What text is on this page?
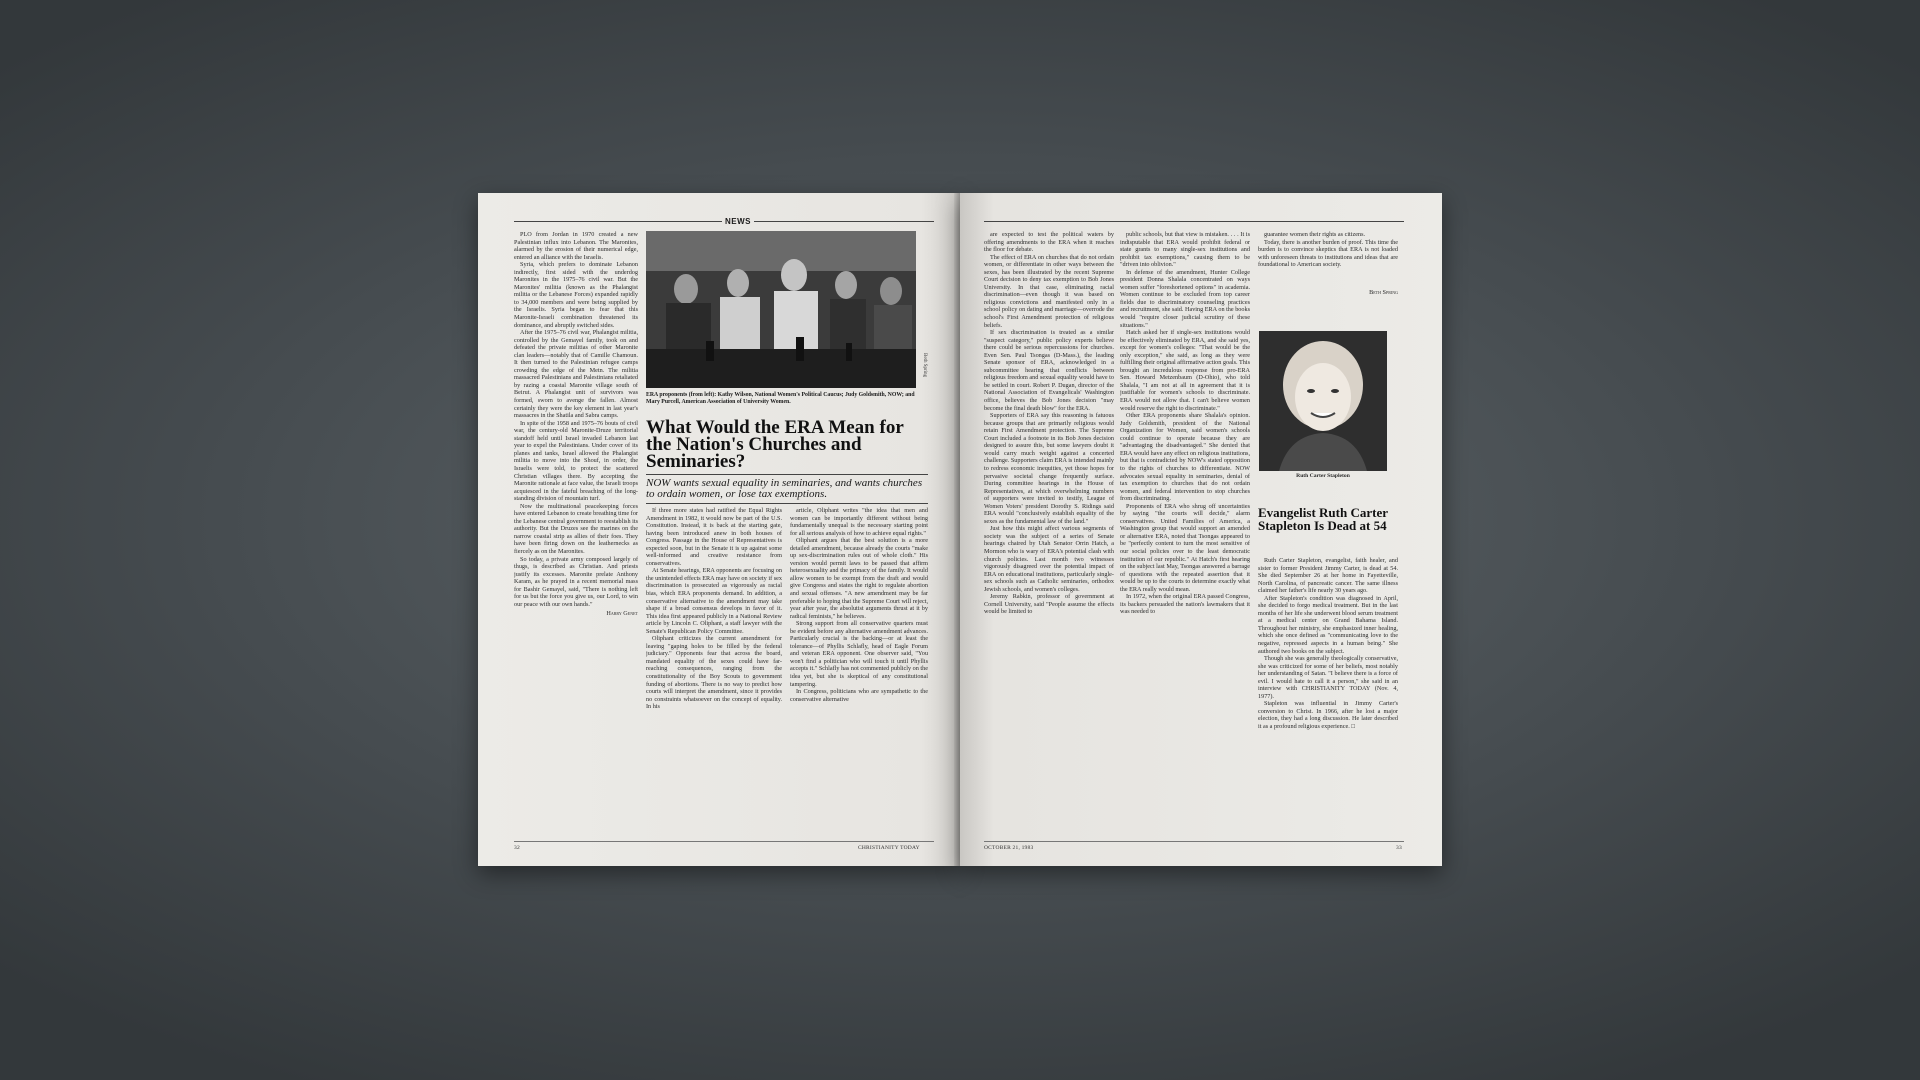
NEWS

PLO from Jordan in 1970 created a new Palestinian influx into Lebanon. The Maronites, alarmed by the erosion of their numerical edge, entered an alliance with the Israelis.

Syria, which prefers to dominate Lebanon indirectly, first sided with the underdog Maronites in the 1975–76 civil war. But the Maronites' militia (known as the Phalangist militia or the Lebanese Forces) expanded rapidly to 34,000 members and were being supplied by the Israelis. Syria began to fear that this Maronite-Israeli combination threatened its dominance, and abruptly switched sides.

After the 1975–76 civil war, Phalangist militia, controlled by the Gemayel family, took on and defeated the private militias of other Maronite clan leaders—notably that of Camille Chamoun. It then turned to the Palestinian refugee camps crowding the edge of the Metn. The militia massacred Palestinians and Palestinians retaliated by razing a coastal Maronite village south of Beirut. A Phalangist unit of survivors was formed, sworn to avenge the fallen. Almost certainly they were the key element in last year's massacres in the Shatila and Sabra camps.

In spite of the 1958 and 1975–76 bouts of civil war, the century-old Maronite-Druze territorial standoff held until Israel invaded Lebanon last year to expel the Palestinians. Under cover of its planes and tanks, Israel allowed the Phalangist militia to move into the Shouf, in order, the Israelis were told, to protect the scattered Christian villages there. By accepting the Maronite rationale at face value, the Israeli troops acquiesced in the fateful breaching of the long-standing division of mountain turf.

Now the multinational peacekeeping forces have entered Lebanon to create breathing time for the Lebanese central government to reestablish its authority. But the Druzes see the marines on the narrow coastal strip as allies of their foes. They have been firing down on the leathernecks as fiercely as on the Maronites.

So today, a private army composed largely of thugs, is described as Christian. And priests justify its excesses. Maronite prelate Anthony Karam, as he prayed in a recent memorial mass for Bashir Gemayel, said, "There is nothing left for us but the force you give us, our Lord, to win our peace with our own hands."

Harry Genet
Beth Spring
ERA proponents (from left): Kathy Wilson, National Women's Political Caucus; Judy Goldsmith, NOW; and Mary Purcell, American Association of University Women.
What Would the ERA Mean for the Nation's Churches and Seminaries?
NOW wants sexual equality in seminaries, and wants churches to ordain women, or lose tax exemptions.

If three more states had ratified the Equal Rights Amendment in 1982, it would now be part of the U.S. Constitution. Instead, it is back at the starting gate, having been introduced anew in both houses of Congress. Passage in the House of Representatives is expected soon, but in the Senate it is up against some well-informed and creative resistance from conservatives.

At Senate hearings, ERA opponents are focusing on the unintended effects ERA may have on society if sex discrimination is prosecuted as vigorously as racial bias, which ERA proponents demand. In addition, a conservative alternative to the amendment may take shape if a broad consensus develops in favor of it. This idea first appeared publicly in a National Review article by Lincoln C. Oliphant, a staff lawyer with the Senate's Republican Policy Committee.

Oliphant criticizes the current amendment for leaving "gaping holes to be filled by the federal judiciary." Opponents fear that across the board, mandated equality of the sexes could have far-reaching consequences, ranging from the constitutionality of the Boy Scouts to government funding of abortions. There is no way to predict how courts will interpret the amendment, since it provides no constraints whatsoever on the concept of equality. In his

article, Oliphant writes "the idea that men and women can be importantly different without being fundamentally unequal is the necessary starting point for all serious analysis of how to achieve equal rights."

Oliphant argues that the best solution is a more detailed amendment, because already the courts "make up sex-discrimination rules out of whole cloth." His version would permit laws to be passed that affirm heterosexuality and the primacy of the family. It would allow women to be exempt from the draft and would give Congress and states the right to regulate abortion and sexual offenses. "A new amendment may be far preferable to hoping that the Supreme Court will reject, year after year, the absolutist arguments thrust at it by radical feminists," he believes.

Strong support from all conservative quarters must be evident before any alternative amendment advances. Particularly crucial is the backing—or at least the tolerance—of Phyllis Schlafly, head of Eagle Forum and veteran ERA opponent. One observer said, "You won't find a politician who will touch it until Phyllis accepts it." Schlafly has not commented publicly on the idea yet, but she is skeptical of any constitutional tampering.

In Congress, politicians who are sympathetic to the conservative alternative

32	CHRISTIANITY TODAY

are expected to test the political waters by offering amendments to the ERA when it reaches the floor for debate.

The effect of ERA on churches that do not ordain women, or differentiate in other ways between the sexes, has been illustrated by the recent Supreme Court decision to deny tax exemption to Bob Jones University. In that case, eliminating racial discrimination—even though it was based on religious convictions and manifested only in a school policy on dating and marriage—overrode the school's First Amendment protection of religious beliefs.

If sex discrimination is treated as a similar "suspect category," public policy experts believe there could be serious repercussions for churches. Even Sen. Paul Tsongas (D-Mass.), the leading Senate sponsor of ERA, acknowledged in a subcommittee hearing that conflicts between religious freedom and sexual equality would have to be settled in court. Robert P. Dugan, director of the National Association of Evangelicals' Washington office, believes the Bob Jones decision "may become the final death blow" for the ERA.

Supporters of ERA say this reasoning is fatuous because groups that are primarily religious would retain First Amendment protection. The Supreme Court included a footnote in its Bob Jones decision designed to assure this, but some lawyers doubt it would carry much weight against a concerted challenge. Supporters claim ERA is intended mainly to redress economic inequities, yet those hopes for pervasive societal change frequently surface. During committee hearings in the House of Representatives, at which overwhelming numbers of supporters were invited to testify, League of Women Voters' president Dorothy S. Ridings said ERA would "conclusively establish equality of the sexes as the fundamental law of the land."

Just how this might affect various segments of society was the subject of a series of Senate hearings chaired by Utah Senator Orrin Hatch, a Mormon who is wary of ERA's potential clash with church policies. Last month two witnesses vigorously disagreed over the potential impact of ERA on educational institutions, particularly single-sex schools such as Catholic seminaries, orthodox Jewish schools, and women's colleges.

Jeremy Rabkin, professor of government at Cornell University, said "People assume the effects would be limited to

public schools, but that view is mistaken. . . . It is indisputable that ERA would prohibit federal or state grants to many single-sex institutions and prohibit tax exemptions," causing them to be "driven into oblivion."

In defense of the amendment, Hunter College president Donna Shalala concentrated on ways women suffer "foreshortened options" in academia. Women continue to be excluded from top career fields due to discriminatory counseling practices and recruitment, she said. Having ERA on the books would "require closer judicial scrutiny of these situations."

Hatch asked her if single-sex institutions would be effectively eliminated by ERA, and she said yes, except for women's colleges: "That would be the only exception," she said, as long as they were fulfilling their original affirmative action goals. This brought an incredulous response from pro-ERA Sen. Howard Metzenbaum (D-Ohio), who told Shalala, "I am not at all in agreement that it is justifiable for women's schools to discriminate. ERA would not allow that. I can't believe women would reserve the right to discriminate."

Other ERA proponents share Shalala's opinion. Judy Goldsmith, president of the National Organization for Women, said women's schools could continue to operate because they are "advantaging the disadvantaged." She denied that ERA would have any effect on religious institutions, but that is contradicted by NOW's stated opposition to the rights of churches to differentiate. NOW advocates sexual equality in seminaries, denial of tax exemption to churches that do not ordain women, and federal intervention to stop churches from discriminating.

Proponents of ERA who shrug off uncertainties by saying "the courts will decide," alarm conservatives. United Families of America, a Washington group that would support an amended or alternative ERA, noted that Tsongas appeared to be "perfectly content to turn the most sensitive of our social policies over to the least democratic institution of our republic." At Hatch's first hearing on the subject last May, Tsongas answered a barrage of questions with the repeated assertion that it would be up to the courts to determine exactly what the ERA really would mean.

In 1972, when the original ERA passed Congress, its backers persuaded the nation's lawmakers that it was needed to

guarantee women their rights as citizens.

Today, there is another burden of proof. This time the burden is to convince skeptics that ERA is not loaded with unforeseen threats to institutions and ideas that are foundational to American society.

Beth Spring
Ruth Carter Stapleton
Evangelist Ruth Carter Stapleton Is Dead at 54

Ruth Carter Stapleton, evangelist, faith healer, and sister to former President Jimmy Carter, is dead at 54. She died September 26 at her home in Fayetteville, North Carolina, of pancreatic cancer. The same illness claimed her father's life nearly 30 years ago.

After Stapleton's condition was diagnosed in April, she decided to forgo medical treatment. But in the last months of her life she underwent blood serum treatment at a medical center on Grand Bahama Island. Throughout her ministry, she emphasized inner healing, which she once defined as "communicating love to the negative, repressed aspects in a human being." She authored two books on the subject.

Though she was generally theologically conservative, she was criticized for some of her beliefs, most notably her understanding of Satan. "I believe there is a force of evil. I would hate to call it a person," she said in an interview with CHRISTIANITY TODAY (Nov. 4, 1977).

Stapleton was influential in Jimmy Carter's conversion to Christ. In 1966, after he lost a major election, they had a long discussion. He later described it as a profound religious experience. □

OCTOBER 21, 1983	33
